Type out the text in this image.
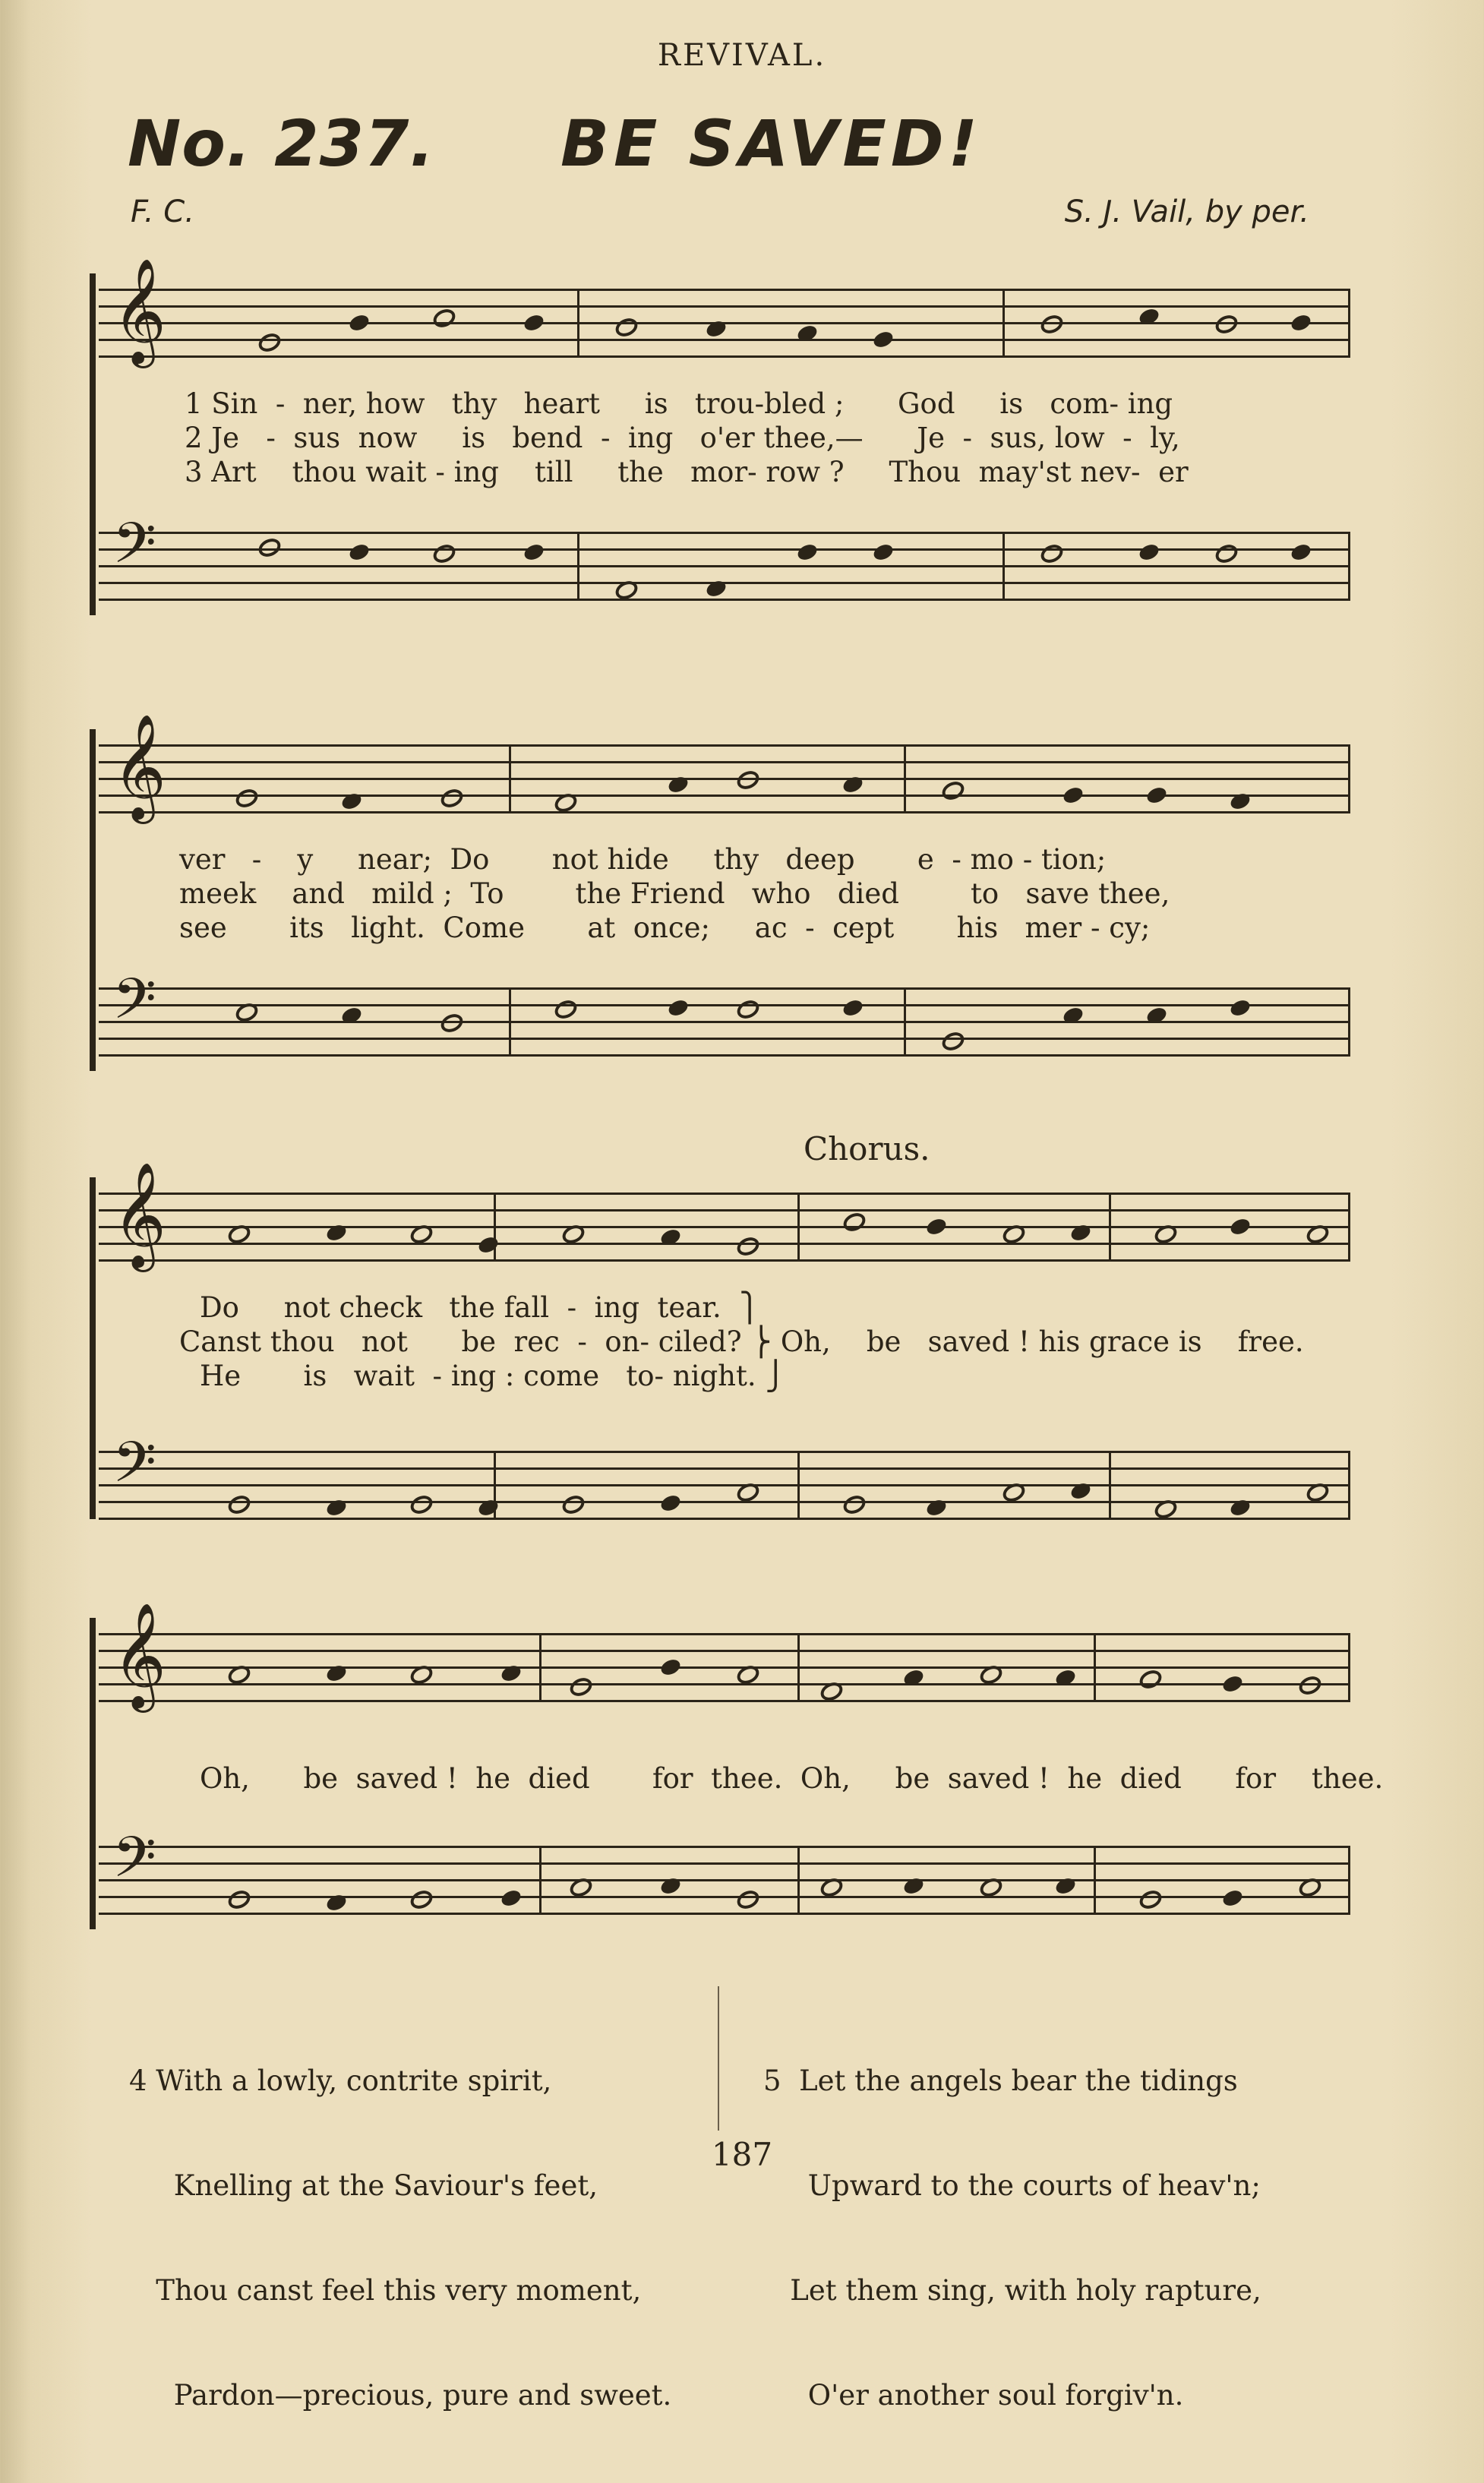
REVIVAL.
No. 237. BE SAVED!
F. C.	S. J. Vail, by per.
𝄞
1 Sin  -  ner, how   thy   heart     is   trou-bled ;      God     is   com- ing
2 Je   -  sus  now     is   bend  -  ing   o'er thee,—      Je  -  sus, low  -  ly,
3 Art    thou wait - ing    till     the   mor- row ?     Thou  may'st nev-  er
𝄢
𝄞
ver   -    y     near;  Do       not hide     thy   deep       e  - mo - tion;
meek    and   mild ;  To        the Friend   who   died        to   save thee,
see       its   light.  Come       at  once;     ac  -  cept       his   mer - cy;
𝄢
Chorus.
𝄞
Do     not check   the fall  -  ing  tear.  ⎫
Canst thou   not      be  rec  -  on- ciled? ⎬ Oh,    be   saved ! his grace is    free.
He       is   wait  - ing : come   to- night. ⎭
𝄢
𝄞
Oh,      be  saved !  he  died       for  thee.  Oh,     be  saved !  he  died      for    thee.
𝄢

4 With a lowly, contrite spirit,

Knelling at the Saviour's feet,

Thou canst feel this very moment,

Pardon—precious, pure and sweet.

5  Let the angels bear the tidings

Upward to the courts of heav'n;

Let them sing, with holy rapture,

O'er another soul forgiv'n.

187
